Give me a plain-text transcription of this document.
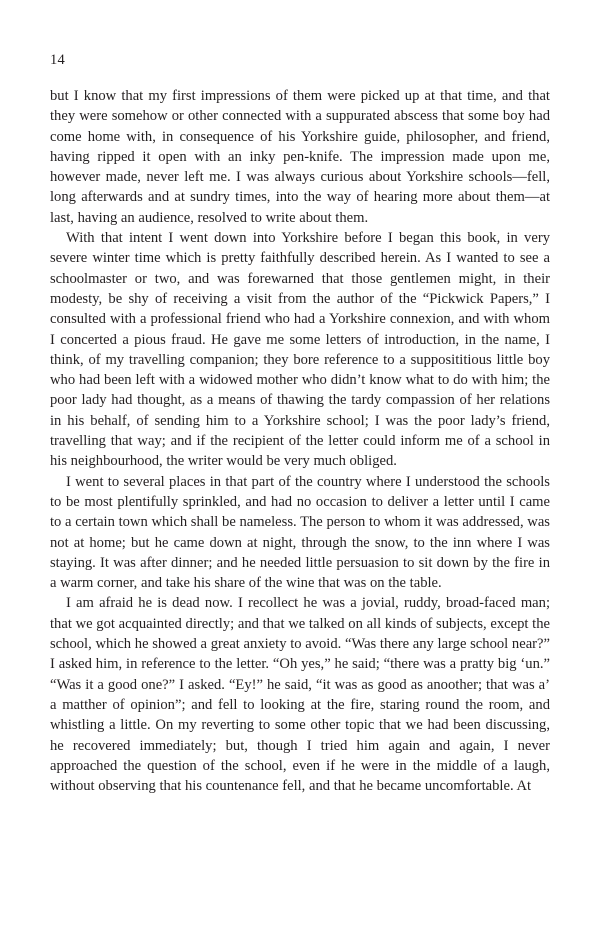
14

but I know that my first impressions of them were picked up at that time, and that they were somehow or other connected with a suppurated abscess that some boy had come home with, in consequence of his Yorkshire guide, philosopher, and friend, having ripped it open with an inky pen-knife. The impression made upon me, however made, never left me. I was always curious about Yorkshire schools—fell, long afterwards and at sundry times, into the way of hearing more about them—at last, having an audience, resolved to write about them.

With that intent I went down into Yorkshire before I began this book, in very severe winter time which is pretty faithfully described herein. As I wanted to see a schoolmaster or two, and was forewarned that those gentlemen might, in their modesty, be shy of receiving a visit from the author of the “Pickwick Papers,” I consulted with a professional friend who had a Yorkshire connexion, and with whom I concerted a pious fraud. He gave me some letters of introduction, in the name, I think, of my travelling companion; they bore reference to a supposititious little boy who had been left with a widowed mother who didn’t know what to do with him; the poor lady had thought, as a means of thawing the tardy compassion of her relations in his behalf, of sending him to a Yorkshire school; I was the poor lady’s friend, travelling that way; and if the recipient of the letter could inform me of a school in his neighbourhood, the writer would be very much obliged.

I went to several places in that part of the country where I understood the schools to be most plentifully sprinkled, and had no occasion to deliver a letter until I came to a certain town which shall be nameless. The person to whom it was addressed, was not at home; but he came down at night, through the snow, to the inn where I was staying. It was after dinner; and he needed little persuasion to sit down by the fire in a warm corner, and take his share of the wine that was on the table.

I am afraid he is dead now. I recollect he was a jovial, ruddy, broad-faced man; that we got acquainted directly; and that we talked on all kinds of subjects, except the school, which he showed a great anxiety to avoid. “Was there any large school near?” I asked him, in reference to the letter. “Oh yes,” he said; “there was a pratty big ‘un.” “Was it a good one?” I asked. “Ey!” he said, “it was as good as anoother; that was a’ a matther of opinion”; and fell to looking at the fire, staring round the room, and whistling a little. On my reverting to some other topic that we had been discussing, he recovered immediately; but, though I tried him again and again, I never approached the question of the school, even if he were in the middle of a laugh, without observing that his countenance fell, and that he became uncomfortable. At
